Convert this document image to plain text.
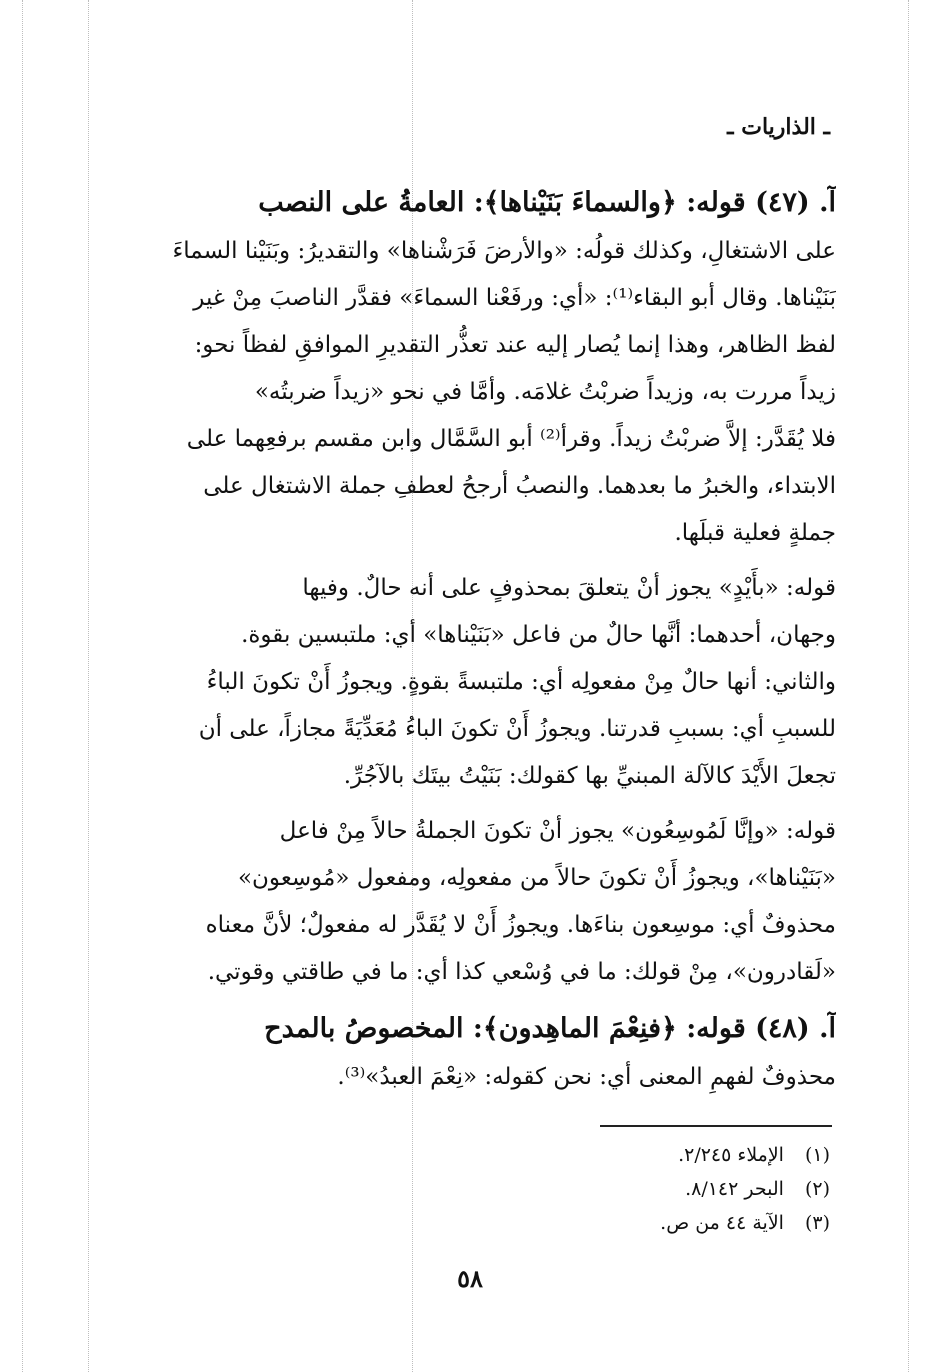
ـ الذاريات ـ
آ. (٤٧) قوله: ﴿والسماءَ بَنَيْناها﴾: العامةُ على النصب
على الاشتغالِ، وكذلك قولُه: «والأرضَ فَرَشْناها» والتقديرُ: وبَنَيْنا السماءَ
بَنَيْناها. وقال أبو البقاء⁽¹⁾: «أي: ورفَعْنا السماءَ» فقدَّر الناصبَ مِنْ غير
لفظ الظاهر، وهذا إنما يُصار إليه عند تعذُّر التقديرِ الموافقِ لفظاً نحو:
زيداً مررت به، وزيداً ضربْتُ غلامَه. وأمَّا في نحو «زيداً ضربتُه»
فلا يُقَدَّر: إلاَّ ضربْتُ زيداً. وقرأ⁽²⁾ أبو السَّمَّال وابن مقسم برفعِهما على
الابتداء، والخبرُ ما بعدهما. والنصبُ أرجحُ لعطفِ جملة الاشتغال على
جملةٍ فعلية قبلَها.
قوله: «بأَيْدٍ» يجوز أنْ يتعلقَ بمحذوفٍ على أنه حالٌ. وفيها
وجهان، أحدهما: أنَّها حالٌ من فاعل «بَنَيْناها» أي: ملتبسين بقوة.
والثاني: أنها حالٌ مِنْ مفعولِه أي: ملتبسةً بقوةٍ. ويجوزُ أَنْ تكونَ الباءُ
للسببِ أي: بسببِ قدرتنا. ويجوزُ أَنْ تكونَ الباءُ مُعَدِّيَةً مجازاً، على أن
تجعلَ الأَيْدَ كالآلة المبنيِّ بها كقولك: بَنَيْتُ بيتَك بالآجُرِّ.
قوله: «وإنَّا لَمُوسِعُون» يجوز أنْ تكونَ الجملةُ حالاً مِنْ فاعل
«بَنَيْناها»، ويجوزُ أَنْ تكونَ حالاً من مفعولِه، ومفعول «مُوسِعون»
محذوفٌ أي: موسِعون بناءَها. ويجوزُ أَنْ لا يُقَدَّر له مفعولٌ؛ لأنَّ معناه
«لَقادرون»، مِنْ قولك: ما في وُسْعي كذا أي: ما في طاقتي وقوتي.
آ. (٤٨) قوله: ﴿فنِعْمَ الماهِدون﴾: المخصوصُ بالمدح
محذوفٌ لفهمِ المعنى أي: نحن كقوله: «نِعْمَ العبدُ»⁽³⁾.
(١) الإملاء ٢/٢٤٥.
(٢) البحر ٨/١٤٢.
(٣) الآية ٤٤ من ص.
٥٨
